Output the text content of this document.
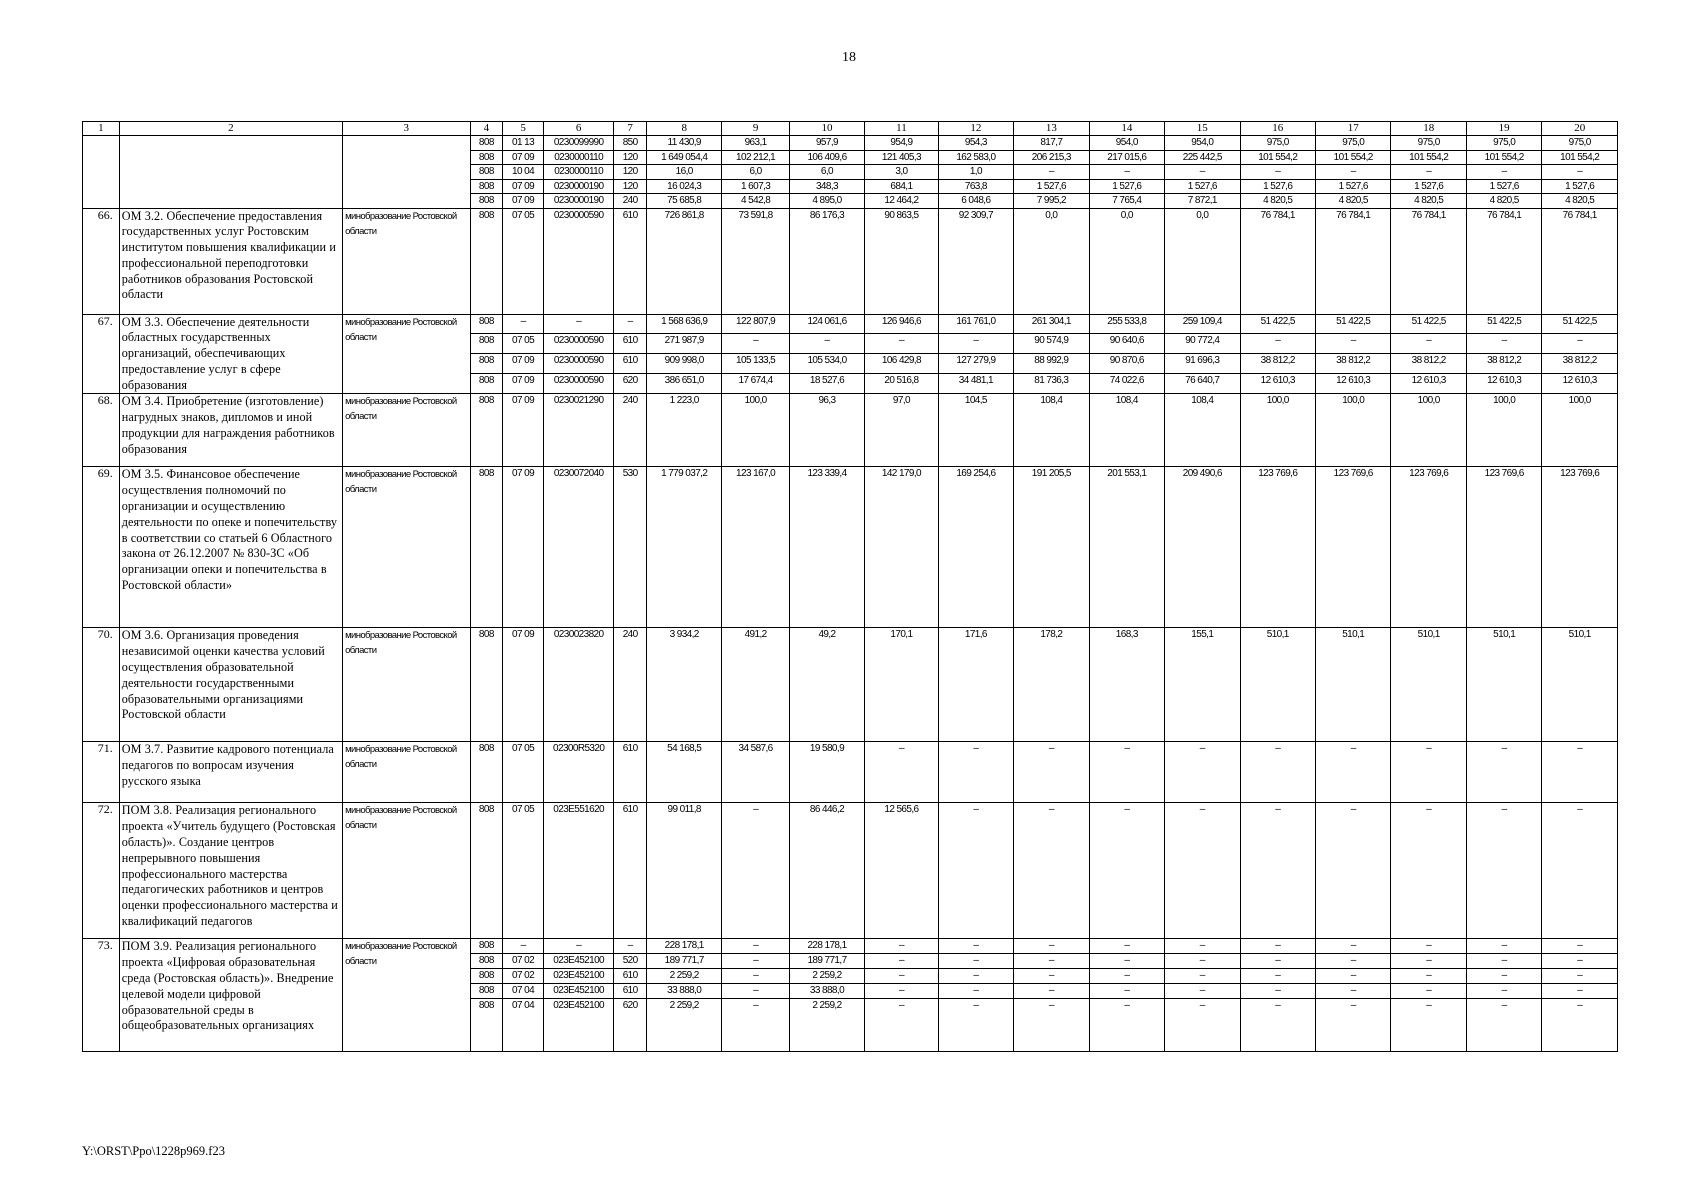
18
1	2	3	4	5	6	7	8	9	10	11	12	13	14	15	16	17	18	19	20
			808	01 13	0230099990	850	11 430,9	963,1	957,9	954,9	954,3	817,7	954,0	954,0	975,0	975,0	975,0	975,0	975,0
			808	07 09	0230000110	120	1 649 054,4	102 212,1	106 409,6	121 405,3	162 583,0	206 215,3	217 015,6	225 442,5	101 554,2	101 554,2	101 554,2	101 554,2	101 554,2
			808	10 04	0230000110	120	16,0	6,0	6,0	3,0	1,0	–	–	–	–	–	–	–	–
			808	07 09	0230000190	120	16 024,3	1 607,3	348,3	684,1	763,8	1 527,6	1 527,6	1 527,6	1 527,6	1 527,6	1 527,6	1 527,6	1 527,6
			808	07 09	0230000190	240	75 685,8	4 542,8	4 895,0	12 464,2	6 048,6	7 995,2	7 765,4	7 872,1	4 820,5	4 820,5	4 820,5	4 820,5	4 820,5
66.	ОМ 3.2. Обеспечение предоставления государственных услуг Ростовским институтом повышения квалификации и профессиональной переподготовки работников образования Ростовской области	минобразование Ростовской области	808	07 05	0230000590	610	726 861,8	73 591,8	86 176,3	90 863,5	92 309,7	0,0	0,0	0,0	76 784,1	76 784,1	76 784,1	76 784,1	76 784,1
67.	ОМ 3.3. Обеспечение деятельности областных государственных организаций, обеспечивающих предоставление услуг в сфере образования	минобразование Ростовской области	808	–	–	–	1 568 636,9	122 807,9	124 061,6	126 946,6	161 761,0	261 304,1	255 533,8	259 109,4	51 422,5	51 422,5	51 422,5	51 422,5	51 422,5
			808	07 05	0230000590	610	271 987,9	–	–	–	–	90 574,9	90 640,6	90 772,4	–	–	–	–	–
			808	07 09	0230000590	610	909 998,0	105 133,5	105 534,0	106 429,8	127 279,9	88 992,9	90 870,6	91 696,3	38 812,2	38 812,2	38 812,2	38 812,2	38 812,2
			808	07 09	0230000590	620	386 651,0	17 674,4	18 527,6	20 516,8	34 481,1	81 736,3	74 022,6	76 640,7	12 610,3	12 610,3	12 610,3	12 610,3	12 610,3
68.	ОМ 3.4. Приобретение (изготовление) нагрудных знаков, дипломов и иной продукции для награждения работников образования	минобразование Ростовской области	808	07 09	0230021290	240	1 223,0	100,0	96,3	97,0	104,5	108,4	108,4	108,4	100,0	100,0	100,0	100,0	100,0
69.	ОМ 3.5. Финансовое обеспечение осуществления полномочий по организации и осуществлению деятельности по опеке и попечительству в соответствии со статьей 6 Областного закона от 26.12.2007 № 830-ЗС «Об организации опеки и попечительства в Ростовской области»	минобразование Ростовской области	808	07 09	0230072040	530	1 779 037,2	123 167,0	123 339,4	142 179,0	169 254,6	191 205,5	201 553,1	209 490,6	123 769,6	123 769,6	123 769,6	123 769,6	123 769,6
70.	ОМ 3.6. Организация проведения независимой оценки качества условий осуществления образовательной деятельности государственными образовательными организациями Ростовской области	минобразование Ростовской области	808	07 09	0230023820	240	3 934,2	491,2	49,2	170,1	171,6	178,2	168,3	155,1	510,1	510,1	510,1	510,1	510,1
71.	ОМ 3.7. Развитие кадрового потенциала педагогов по вопросам изучения русского языка	минобразование Ростовской области	808	07 05	02300R5320	610	54 168,5	34 587,6	19 580,9	–	–	–	–	–	–	–	–	–	–
72.	ПОМ 3.8. Реализация регионального проекта «Учитель будущего (Ростовская область)». Создание центров непрерывного повышения профессионального мастерства педагогических работников и центров оценки профессионального мастерства и квалификаций педагогов	минобразование Ростовской области	808	07 05	023Е551620	610	99 011,8	–	86 446,2	12 565,6	–	–	–	–	–	–	–	–	–
73.	ПОМ 3.9. Реализация регионального проекта «Цифровая образовательная среда (Ростовская область)». Внедрение целевой модели цифровой образовательной среды в общеобразовательных организациях	минобразование Ростовской области	808	–	–	–	228 178,1	–	228 178,1	–	–	–	–	–	–	–	–	–	–
			808	07 02	023Е452100	520	189 771,7	–	189 771,7	–	–	–	–	–	–	–	–	–	–
			808	07 02	023Е452100	610	2 259,2	–	2 259,2	–	–	–	–	–	–	–	–	–	–
			808	07 04	023Е452100	610	33 888,0	–	33 888,0	–	–	–	–	–	–	–	–	–	–
			808	07 04	023Е452100	620	2 259,2	–	2 259,2	–	–	–	–	–	–	–	–	–	–
Y:\ORST\Ppo\1228p969.f23
